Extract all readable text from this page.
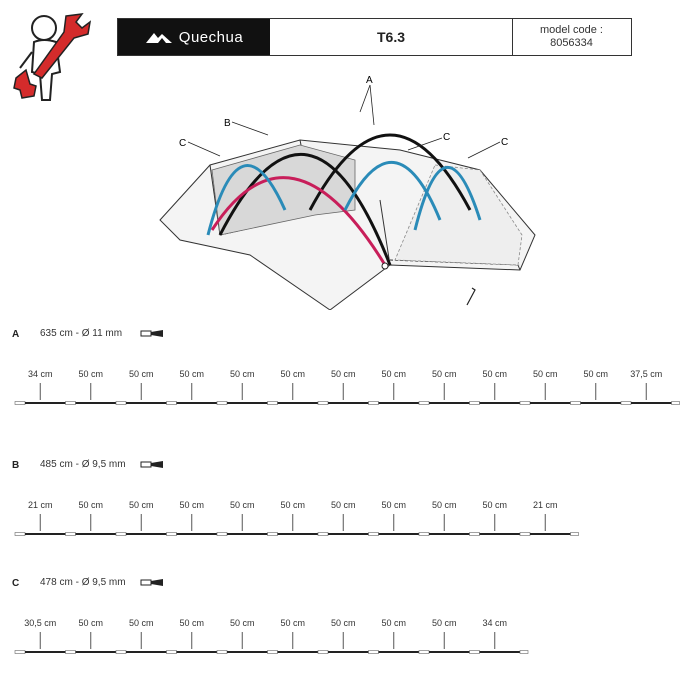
Quechua	T6.3	model code :
8056334
A
B
C
C	C
A 635 cm - Ø 11 mm
34 cm	50 cm	50 cm	50 cm	50 cm	50 cm	50 cm	50 cm	50 cm	50 cm	50 cm	50 cm 37,5 cm
B 485 cm - Ø 9,5 mm
21 cm	50 cm	50 cm	50 cm	50 cm	50 cm	50 cm	50 cm	50 cm	50 cm	21 cm
C 478 cm - Ø 9,5 mm
30,5 cm 50 cm	50 cm	50 cm	50 cm	50 cm	50 cm	50 cm	50 cm	34 cm
